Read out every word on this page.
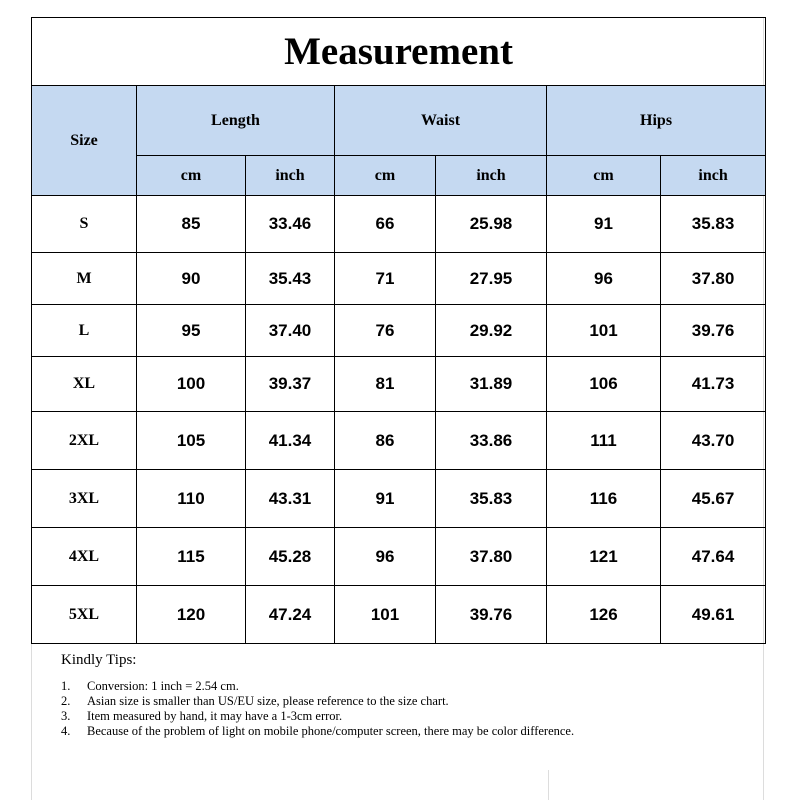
Measurement						
Size	Length		Waist		Hips	
	cm	inch	cm	inch	cm	inch
S	85	33.46	66	25.98	91	35.83
M	90	35.43	71	27.95	96	37.80
L	95	37.40	76	29.92	101	39.76
XL	100	39.37	81	31.89	106	41.73
2XL	105	41.34	86	33.86	111	43.70
3XL	110	43.31	91	35.83	116	45.67
4XL	115	45.28	96	37.80	121	47.64
5XL	120	47.24	101	39.76	126	49.61
Kindly Tips:
1.	Conversion: 1 inch = 2.54 cm.
2.	Asian size is smaller than US/EU size, please reference to the size chart.
3.	Item measured by hand, it may have a 1-3cm error.
4.	Because of the problem of light on mobile phone/computer screen, there may be color difference.
